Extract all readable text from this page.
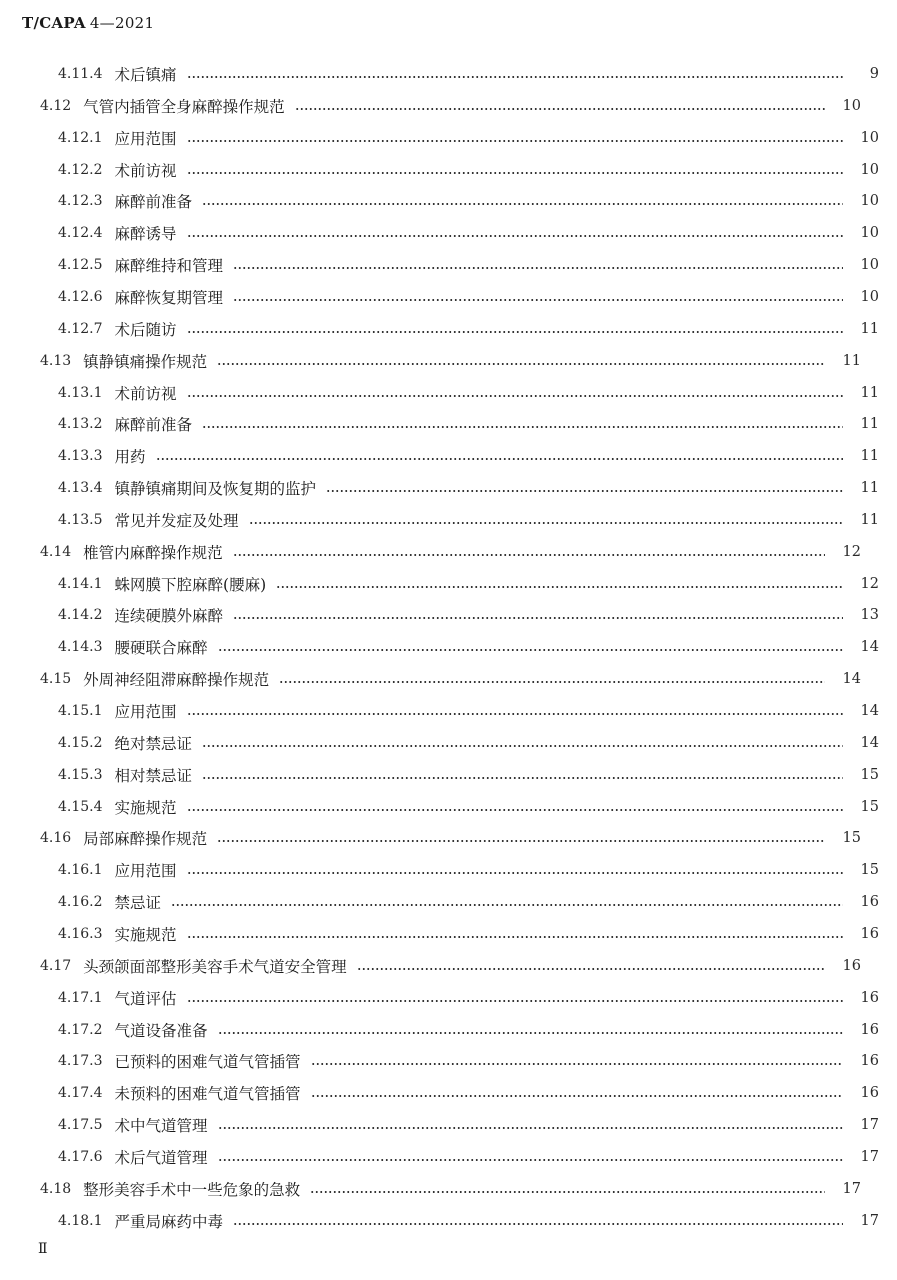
T/CAPA 4—2021
4.11.4 术后镇痛	9
4.12 气管内插管全身麻醉操作规范	10
4.12.1 应用范围	10
4.12.2 术前访视	10
4.12.3 麻醉前准备	10
4.12.4 麻醉诱导	10
4.12.5 麻醉维持和管理	10
4.12.6 麻醉恢复期管理	10
4.12.7 术后随访	11
4.13 镇静镇痛操作规范	11
4.13.1 术前访视	11
4.13.2 麻醉前准备	11
4.13.3 用药	11
4.13.4 镇静镇痛期间及恢复期的监护	11
4.13.5 常见并发症及处理	11
4.14 椎管内麻醉操作规范	12
4.14.1 蛛网膜下腔麻醉(腰麻)	12
4.14.2 连续硬膜外麻醉	13
4.14.3 腰硬联合麻醉	14
4.15 外周神经阻滞麻醉操作规范	14
4.15.1 应用范围	14
4.15.2 绝对禁忌证	14
4.15.3 相对禁忌证	15
4.15.4 实施规范	15
4.16 局部麻醉操作规范	15
4.16.1 应用范围	15
4.16.2 禁忌证	16
4.16.3 实施规范	16
4.17 头颈颌面部整形美容手术气道安全管理	16
4.17.1 气道评估	16
4.17.2 气道设备准备	16
4.17.3 已预料的困难气道气管插管	16
4.17.4 未预料的困难气道气管插管	16
4.17.5 术中气道管理	17
4.17.6 术后气道管理	17
4.18 整形美容手术中一些危象的急救	17
4.18.1 严重局麻药中毒	17
Ⅱ
